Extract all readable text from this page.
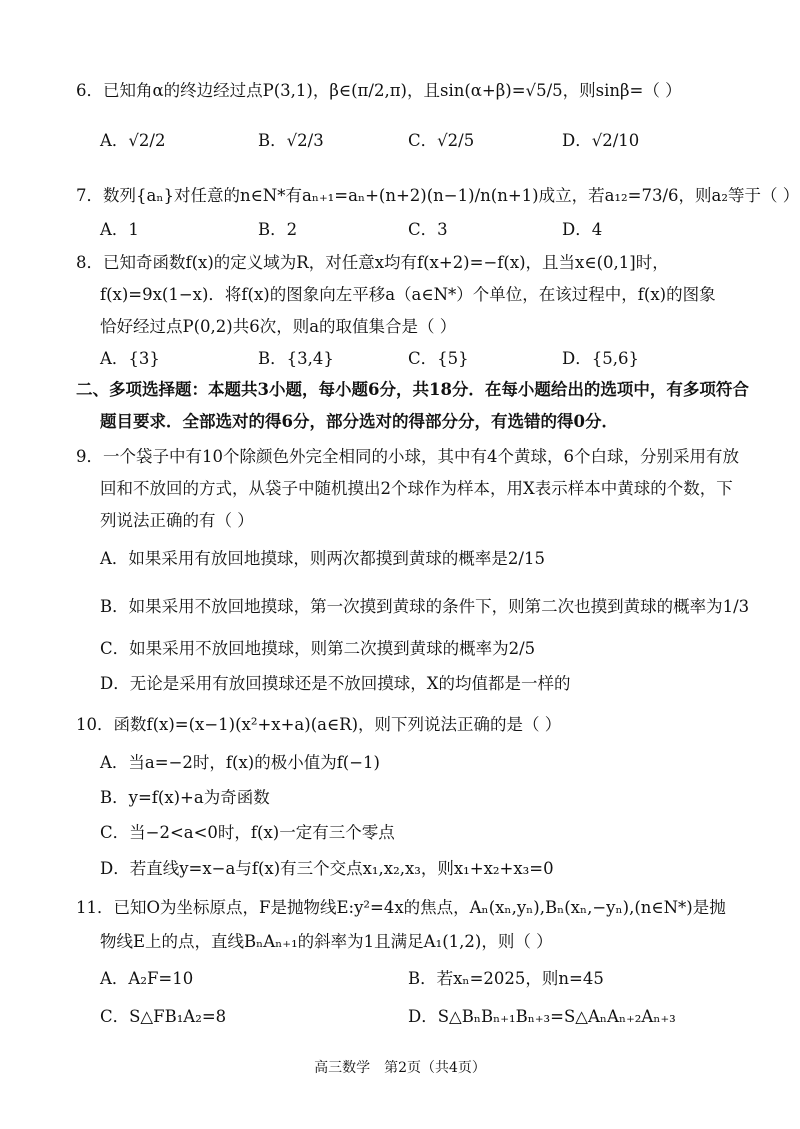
6．已知角α的终边经过点P(3,1)，β∈(π/2,π)，且sin(α+β)=√5/5，则sinβ=（ ）
A．√2/2	B．√2/3	C．√2/5	D．√2/10
7．数列{aₙ}对任意的n∈N*有aₙ₊₁=aₙ+(n+2)(n−1)/n(n+1)成立，若a₁₂=73/6，则a₂等于（ ）
A．1	B．2	C．3	D．4
8．已知奇函数f(x)的定义域为R，对任意x均有f(x+2)=−f(x)，且当x∈(0,1]时，
f(x)=9x(1−x)．将f(x)的图象向左平移a（a∈N*）个单位，在该过程中，f(x)的图象
恰好经过点P(0,2)共6次，则a的取值集合是（ ）
A．{3}	B．{3,4}	C．{5}	D．{5,6}
二、多项选择题：本题共3小题，每小题6分，共18分．在每小题给出的选项中，有多项符合
题目要求．全部选对的得6分，部分选对的得部分分，有选错的得0分．
9．一个袋子中有10个除颜色外完全相同的小球，其中有4个黄球，6个白球，分别采用有放
回和不放回的方式，从袋子中随机摸出2个球作为样本，用X表示样本中黄球的个数，下
列说法正确的有（ ）
A．如果采用有放回地摸球，则两次都摸到黄球的概率是2/15
B．如果采用不放回地摸球，第一次摸到黄球的条件下，则第二次也摸到黄球的概率为1/3
C．如果采用不放回地摸球，则第二次摸到黄球的概率为2/5
D．无论是采用有放回摸球还是不放回摸球，X的均值都是一样的
10．函数f(x)=(x−1)(x²+x+a)(a∈R)，则下列说法正确的是（ ）
A．当a=−2时，f(x)的极小值为f(−1)
B．y=f(x)+a为奇函数
C．当−2<a<0时，f(x)一定有三个零点
D．若直线y=x−a与f(x)有三个交点x₁,x₂,x₃，则x₁+x₂+x₃=0
11．已知O为坐标原点，F是抛物线E:y²=4x的焦点，Aₙ(xₙ,yₙ),Bₙ(xₙ,−yₙ),(n∈N*)是抛
物线E上的点，直线BₙAₙ₊₁的斜率为1且满足A₁(1,2)，则（ ）
A．A₂F=10	B．若xₙ=2025，则n=45
C．S△FB₁A₂=8	D．S△BₙBₙ₊₁Bₙ₊₃=S△AₙAₙ₊₂Aₙ₊₃
高三数学　第2页（共4页）
